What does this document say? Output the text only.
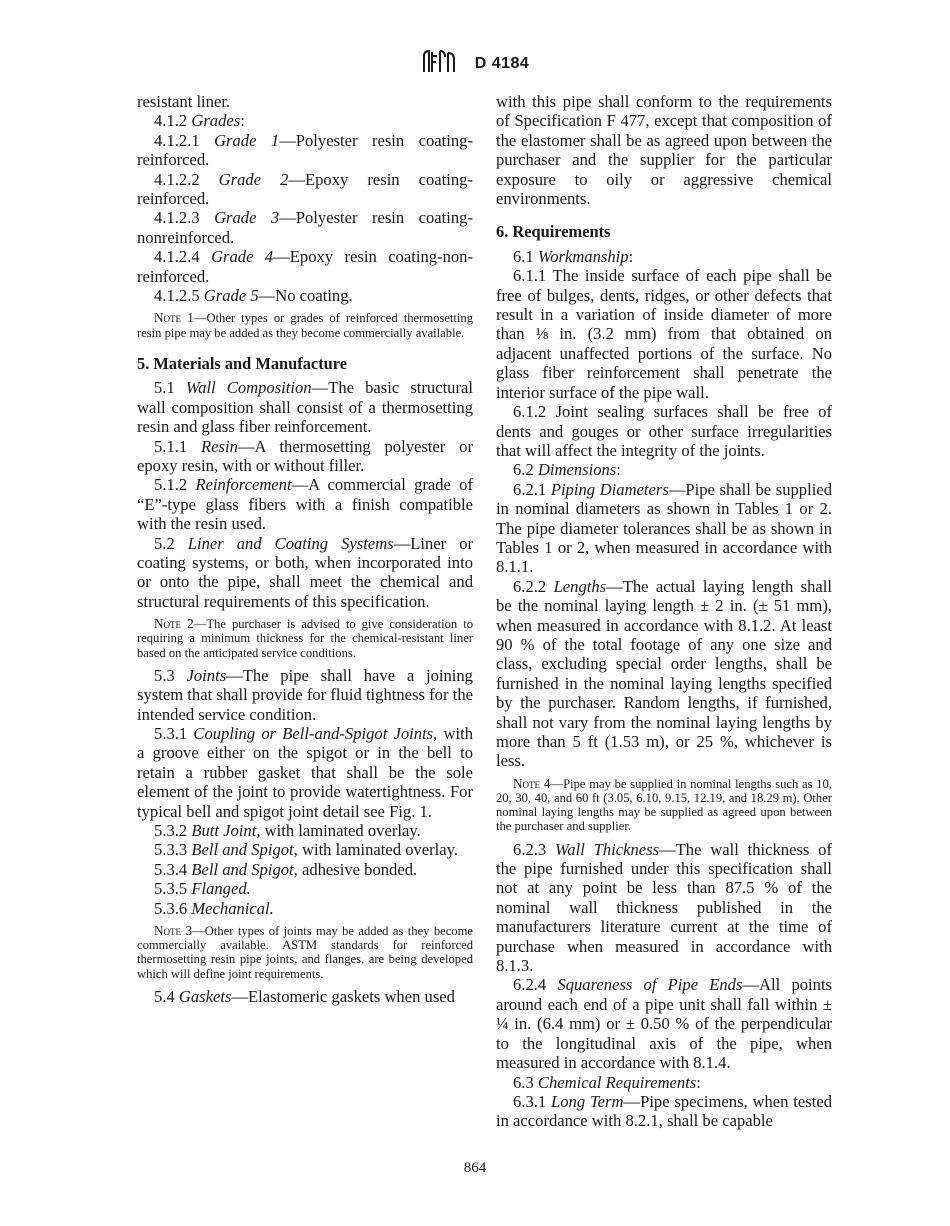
D 4184

resistant liner.

4.1.2 Grades:

4.1.2.1 Grade 1—Polyester resin coating-reinforced.

4.1.2.2 Grade 2—Epoxy resin coating-reinforced.

4.1.2.3 Grade 3—Polyester resin coating-nonreinforced.

4.1.2.4 Grade 4—Epoxy resin coating-non-reinforced.

4.1.2.5 Grade 5—No coating.

Note 1—Other types or grades of reinforced thermosetting resin pipe may be added as they become commercially available.

5. Materials and Manufacture

5.1 Wall Composition—The basic structural wall composition shall consist of a thermosetting resin and glass fiber reinforcement.

5.1.1 Resin—A thermosetting polyester or epoxy resin, with or without filler.

5.1.2 Reinforcement—A commercial grade of “E”-type glass fibers with a finish compatible with the resin used.

5.2 Liner and Coating Systems—Liner or coating systems, or both, when incorporated into or onto the pipe, shall meet the chemical and structural requirements of this specification.

Note 2—The purchaser is advised to give consideration to requiring a minimum thickness for the chemical-resistant liner based on the anticipated service conditions.

5.3 Joints—The pipe shall have a joining system that shall provide for fluid tightness for the intended service condition.

5.3.1 Coupling or Bell-and-Spigot Joints, with a groove either on the spigot or in the bell to retain a rubber gasket that shall be the sole element of the joint to provide watertightness. For typical bell and spigot joint detail see Fig. 1.

5.3.2 Butt Joint, with laminated overlay.

5.3.3 Bell and Spigot, with laminated overlay.

5.3.4 Bell and Spigot, adhesive bonded.

5.3.5 Flanged.

5.3.6 Mechanical.

Note 3—Other types of joints may be added as they become commercially available. ASTM standards for reinforced thermosetting resin pipe joints, and flanges, are being developed which will define joint requirements.

5.4 Gaskets—Elastomeric gaskets when used

with this pipe shall conform to the requirements of Specification F 477, except that composition of the elastomer shall be as agreed upon between the purchaser and the supplier for the particular exposure to oily or aggressive chemical environments.

6. Requirements

6.1 Workmanship:

6.1.1 The inside surface of each pipe shall be free of bulges, dents, ridges, or other defects that result in a variation of inside diameter of more than ⅛ in. (3.2 mm) from that obtained on adjacent unaffected portions of the surface. No glass fiber reinforcement shall penetrate the interior surface of the pipe wall.

6.1.2 Joint sealing surfaces shall be free of dents and gouges or other surface irregularities that will affect the integrity of the joints.

6.2 Dimensions:

6.2.1 Piping Diameters—Pipe shall be supplied in nominal diameters as shown in Tables 1 or 2. The pipe diameter tolerances shall be as shown in Tables 1 or 2, when measured in accordance with 8.1.1.

6.2.2 Lengths—The actual laying length shall be the nominal laying length ± 2 in. (± 51 mm), when measured in accordance with 8.1.2. At least 90 % of the total footage of any one size and class, excluding special order lengths, shall be furnished in the nominal laying lengths specified by the purchaser. Random lengths, if furnished, shall not vary from the nominal laying lengths by more than 5 ft (1.53 m), or 25 %, whichever is less.

Note 4—Pipe may be supplied in nominal lengths such as 10, 20, 30, 40, and 60 ft (3.05, 6.10, 9.15, 12.19, and 18.29 m). Other nominal laying lengths may be supplied as agreed upon between the purchaser and supplier.

6.2.3 Wall Thickness—The wall thickness of the pipe furnished under this specification shall not at any point be less than 87.5 % of the nominal wall thickness published in the manufacturers literature current at the time of purchase when measured in accordance with 8.1.3.

6.2.4 Squareness of Pipe Ends—All points around each end of a pipe unit shall fall within ± ¼ in. (6.4 mm) or ± 0.50 % of the perpendicular to the longitudinal axis of the pipe, when measured in accordance with 8.1.4.

6.3 Chemical Requirements:

6.3.1 Long Term—Pipe specimens, when tested in accordance with 8.2.1, shall be capable

864
